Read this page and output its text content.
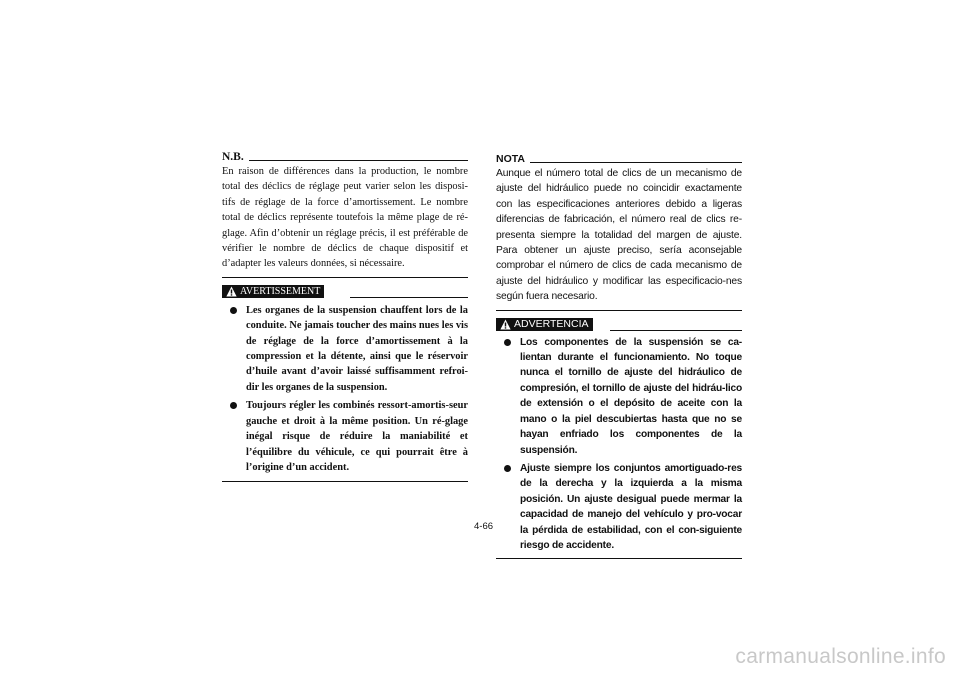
N.B.
En raison de différences dans la production, le nombre total des déclics de réglage peut varier selon les disposi-tifs de réglage de la force d’amortissement. Le nombre total de déclics représente toutefois la même plage de ré-glage. Afin d’obtenir un réglage précis, il est préférable de vérifier le nombre de déclics de chaque dispositif et d’adapter les valeurs données, si nécessaire.
AVERTISSEMENT
Les organes de la suspension chauffent lors de la conduite. Ne jamais toucher des mains nues les vis de réglage de la force d’amortissement à la compression et la détente, ainsi que le réservoir d’huile avant d’avoir laissé suffisamment refroi-dir les organes de la suspension.
Toujours régler les combinés ressort-amortis-seur gauche et droit à la même position. Un ré-glage inégal risque de réduire la maniabilité et l’équilibre du véhicule, ce qui pourrait être à l’origine d’un accident.
NOTA
Aunque el número total de clics de un mecanismo de ajuste del hidráulico puede no coincidir exactamente con las especificaciones anteriores debido a ligeras diferencias de fabricación, el número real de clics re-presenta siempre la totalidad del margen de ajuste. Para obtener un ajuste preciso, sería aconsejable comprobar el número de clics de cada mecanismo de ajuste del hidráulico y modificar las especificacio-nes según fuera necesario.
ADVERTENCIA
Los componentes de la suspensión se ca-lientan durante el funcionamiento. No toque nunca el tornillo de ajuste del hidráulico de compresión, el tornillo de ajuste del hidráu-lico de extensión o el depósito de aceite con la mano o la piel descubiertas hasta que no se hayan enfriado los componentes de la suspensión.
Ajuste siempre los conjuntos amortiguado-res de la derecha y la izquierda a la misma posición. Un ajuste desigual puede mermar la capacidad de manejo del vehículo y pro-vocar la pérdida de estabilidad, con el con-siguiente riesgo de accidente.
4-66
carmanualsonline.info
